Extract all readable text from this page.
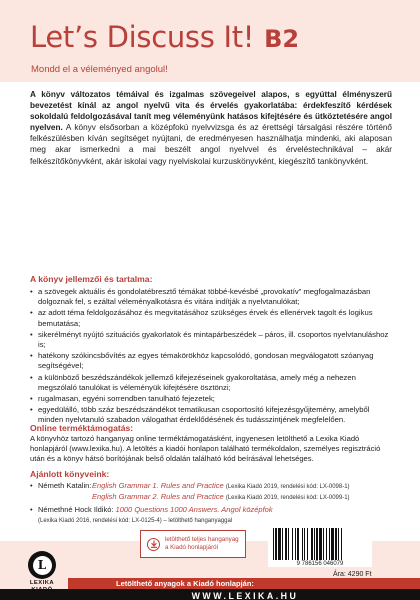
Let’s Discuss It! B2
Mondd el a véleményed angolul!

A könyv változatos témáival és izgalmas szövegeivel alapos, s egyúttal élményszerű bevezetést kínál az angol nyelvű vita és érvelés gyakorlatába: érdekfeszítő kérdések sokoldalú feldolgozásával tanít meg véleményünk hatásos kifejtésére és ütköztetésére angol nyelven. A könyv elsősorban a középfokú nyelvvizsga és az érettségi társalgási részére történő felkészülésben kíván segítséget nyújtani, de eredményesen használhatja mindenki, aki alaposan meg akar ismerkedni a mai beszélt angol nyelvvel és érveléstechnikával – akár felkészítőkönyvként, akár iskolai vagy nyelviskolai kurzuskönyvként, kiegészítő tankönyvként.

A könyv jellemzői és tartalma:
• a szövegek aktuális és gondolatébresztő témákat többé-kevésbé „provokatív” megfogalmazásban dolgoznak fel, s ezáltal véleményalkotásra és vitára indítják a nyelvtanulókat;
• az adott téma feldolgozásához és megvitatásához szükséges érvek és ellenérvek tagolt és logikus bemutatása;
• sikerélményt nyújtó szituációs gyakorlatok és mintapárbeszédek – páros, ill. csoportos nyelvtanuláshoz is;
• hatékony szókincsbővítés az egyes témakörökhöz kapcsolódó, gondosan megválogatott szóanyag segítségével;
• a különböző beszédszándékok jellemző kifejezéseinek gyakoroltatása, amely még a nehezen megszólaló tanulókat is véleményük kifejtésére ösztönzi;
• rugalmasan, egyéni sorrendben tanulható fejezetek;
• egyedülálló, több száz beszédszándékot tematikusan csoportosító kifejezésgyűjtemény, amelyből minden nyelvtanuló szabadon válogathat érdeklődésének és tudásszintjének megfelelően.
Online terméktámogatás:

A könyvhöz tartozó hanganyag online terméktámogatásként, ingyenesen letölthető a Lexika Kiadó honlapjáról (www.lexika.hu). A letöltés a kiadói honlapon található termékoldalon, személyes regisztráció után és a könyv hátsó borítójának belső oldalán található kód beírásával lehetséges.

Ajánlott könyveink:
• Németh Katalin: English Grammar 1. Rules and Practice (Lexika Kiadó 2019, rendelési kód: LX-0098-1)
English Grammar 2. Rules and Practice (Lexika Kiadó 2019, rendelési kód: LX-0099-1)
• Némethné Hock Ildikó: 1000 Questions 1000 Answers. Angol középfok
(Lexika Kiadó 2016, rendelési kód: LX-0125-4) – letölthető hanganyaggal
letölthető teljes hanganyag
a Kiadó honlapjáról
9 786156 046079
Ára: 4290 Ft
Letölthető anyagok a Kiadó honlapján:
WWW.LEXIKA.HU
L
LEXIKA
KIADÓ
